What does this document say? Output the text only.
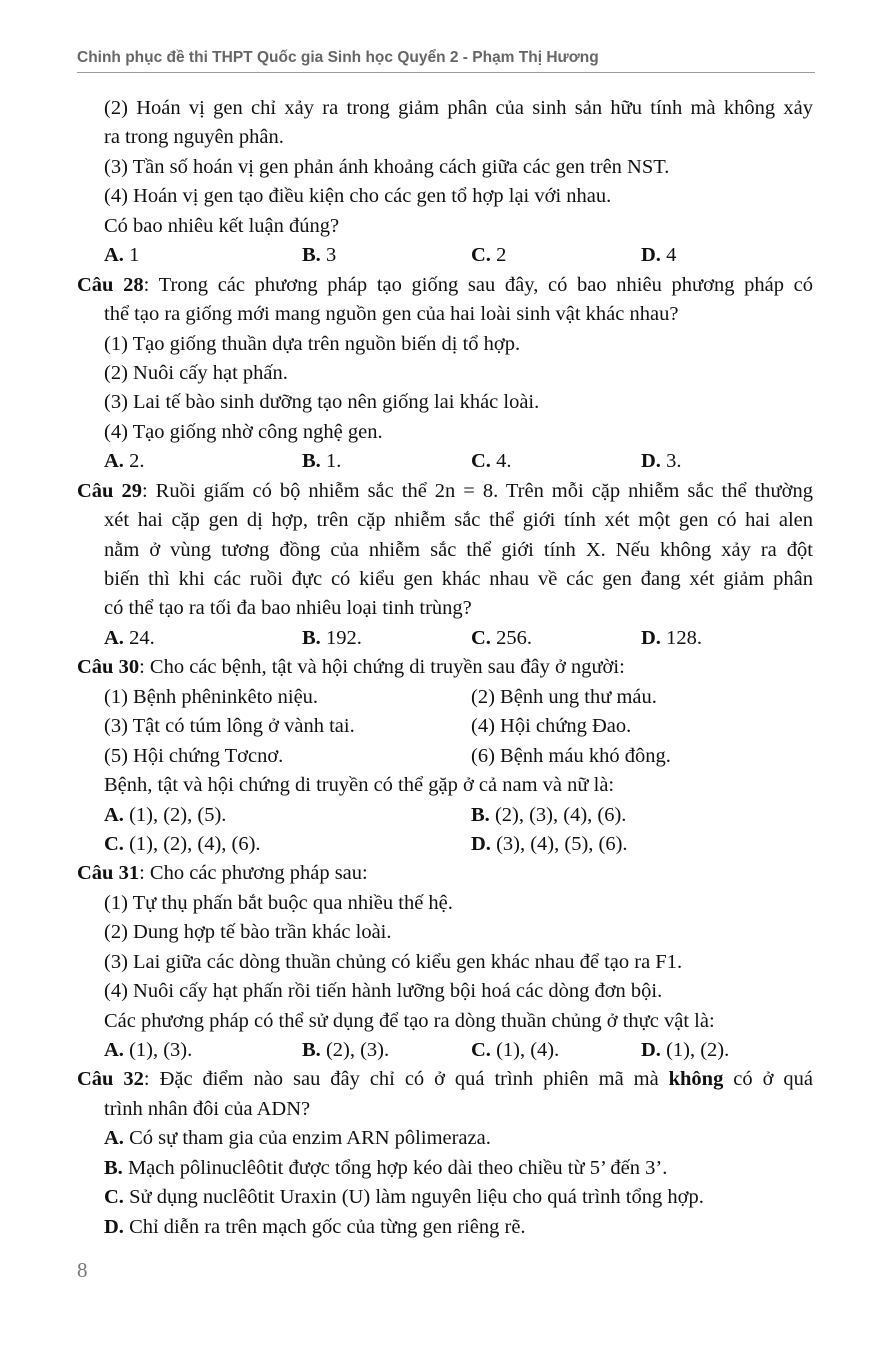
Chinh phục đề thi THPT Quốc gia Sinh học Quyển 2 - Phạm Thị Hương
(2) Hoán vị gen chỉ xảy ra trong giảm phân của sinh sản hữu tính mà không xảy
ra trong nguyên phân.
(3) Tần số hoán vị gen phản ánh khoảng cách giữa các gen trên NST.
(4) Hoán vị gen tạo điều kiện cho các gen tổ hợp lại với nhau.
Có bao nhiêu kết luận đúng?
A. 1	B. 3	C. 2	D. 4
Câu 28: Trong các phương pháp tạo giống sau đây, có bao nhiêu phương pháp có
thể tạo ra giống mới mang nguồn gen của hai loài sinh vật khác nhau?
(1) Tạo giống thuần dựa trên nguồn biến dị tổ hợp.
(2) Nuôi cấy hạt phấn.
(3) Lai tế bào sinh dưỡng tạo nên giống lai khác loài.
(4) Tạo giống nhờ công nghệ gen.
A. 2.	B. 1.	C. 4.	D. 3.
Câu 29: Ruồi giấm có bộ nhiễm sắc thể 2n = 8. Trên mỗi cặp nhiễm sắc thể thường
xét hai cặp gen dị hợp, trên cặp nhiễm sắc thể giới tính xét một gen có hai alen
nằm ở vùng tương đồng của nhiễm sắc thể giới tính X. Nếu không xảy ra đột
biến thì khi các ruồi đực có kiểu gen khác nhau về các gen đang xét giảm phân
có thể tạo ra tối đa bao nhiêu loại tinh trùng?
A. 24.	B. 192.	C. 256.	D. 128.
Câu 30: Cho các bệnh, tật và hội chứng di truyền sau đây ở người:
(1) Bệnh phêninkêto niệu.	(2) Bệnh ung thư máu.
(3) Tật có túm lông ở vành tai.	(4) Hội chứng Đao.
(5) Hội chứng Tơcnơ.	(6) Bệnh máu khó đông.
Bệnh, tật và hội chứng di truyền có thể gặp ở cả nam và nữ là:
A. (1), (2), (5).	B. (2), (3), (4), (6).
C. (1), (2), (4), (6).	D. (3), (4), (5), (6).
Câu 31: Cho các phương pháp sau:
(1) Tự thụ phấn bắt buộc qua nhiều thế hệ.
(2) Dung hợp tế bào trần khác loài.
(3) Lai giữa các dòng thuần chủng có kiểu gen khác nhau để tạo ra F1.
(4) Nuôi cấy hạt phấn rồi tiến hành lưỡng bội hoá các dòng đơn bội.
Các phương pháp có thể sử dụng để tạo ra dòng thuần chủng ở thực vật là:
A. (1), (3).	B. (2), (3).	C. (1), (4).	D. (1), (2).
Câu 32: Đặc điểm nào sau đây chỉ có ở quá trình phiên mã mà không có ở quá
trình nhân đôi của ADN?
A. Có sự tham gia của enzim ARN pôlimeraza.
B. Mạch pôlinuclêôtit được tổng hợp kéo dài theo chiều từ 5’ đến 3’.
C. Sử dụng nuclêôtit Uraxin (U) làm nguyên liệu cho quá trình tổng hợp.
D. Chỉ diễn ra trên mạch gốc của từng gen riêng rẽ.
8
